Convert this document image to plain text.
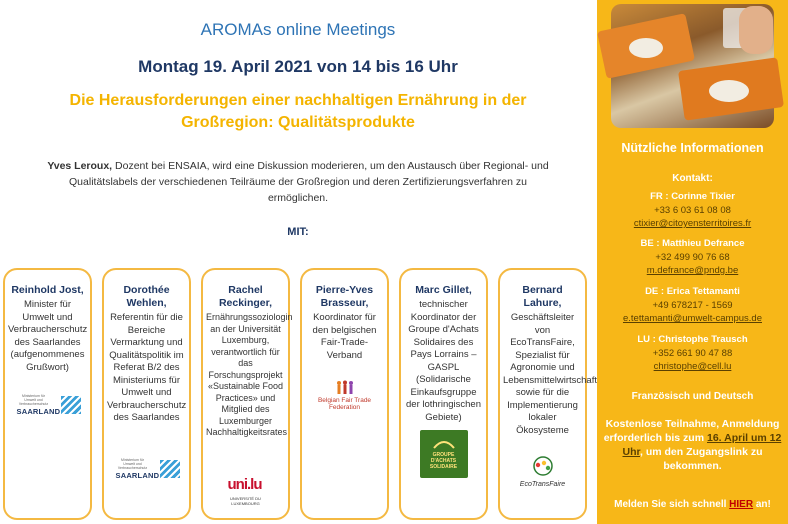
AROMAs online Meetings
Montag 19. April 2021 von 14 bis 16 Uhr
Die Herausforderungen einer nachhaltigen Ernährung in der Großregion: Qualitätsprodukte
Yves Leroux, Dozent bei ENSAIA, wird eine Diskussion moderieren, um den Austausch über Regional- und Qualitätslabels der verschiedenen Teilräume der Großregion und deren Zertifizierungsverfahren zu ermöglichen.
MIT:
Reinhold Jost,
Minister für Umwelt und Verbraucherschutz des Saarlandes (aufgenommenes Grußwort)
Ministerium für Umwelt und Verbraucherschutz
SAARLAND
Dorothée Wehlen,
Referentin für die Bereiche Vermarktung und Qualitätspolitik im Referat B/2 des Ministeriums für Umwelt und Verbraucherschutz des Saarlandes
Ministerium für Umwelt und Verbraucherschutz
SAARLAND
Rachel Reckinger,
Ernährungssoziologin an der Universität Luxemburg, verantwortlich für das Forschungsprojekt «Sustainable Food Practices» und Mitglied des Luxemburger Nachhaltigkeitsrates
uni.lu
UNIVERSITÉ DU LUXEMBOURG
Pierre-Yves Brasseur,
Koordinator für den belgischen Fair-Trade-Verband
Belgian Fair Trade Federation
Marc Gillet,
technischer Koordinator der Groupe d'Achats Solidaires des Pays Lorrains – GASPL (Solidarische Einkaufsgruppe der lothringischen Gebiete)
GROUPE D'ACHATS SOLIDAIRE
Bernard Lahure,
Geschäftsleiter von EcoTransFaire, Spezialist für Agronomie und Lebensmittelwirtschaft sowie für die Implementierung lokaler Ökosysteme
EcoTransFaire
Nützliche Informationen
Kontakt:
FR : Corinne Tixier
+33 6 03 61 08 08
ctixier@citoyensterritoires.fr
BE : Matthieu Defrance
+32 499 90 76 68
m.defrance@pndg.be
DE : Erica Tettamanti
+49 678217 - 1569
e.tettamanti@umwelt-campus.de
LU : Christophe Trausch
+352 661 90 47 88
christophe@cell.lu
Französisch und Deutsch
Kostenlose Teilnahme, Anmeldung erforderlich bis zum 16. April um 12 Uhr, um den Zugangslink zu bekommen.
Melden Sie sich schnell HIER an!
